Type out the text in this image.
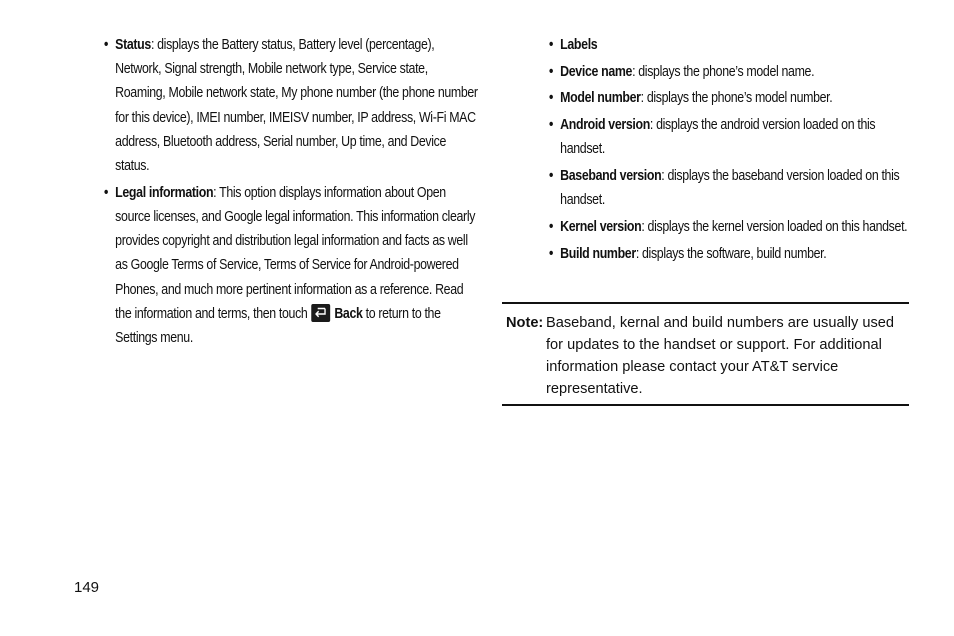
• Status: displays the Battery status, Battery level (percentage), Network, Signal strength, Mobile network type, Service state, Roaming, Mobile network state, My phone number (the phone number for this device), IMEI number, IMEISV number, IP address, Wi-Fi MAC address, Bluetooth address, Serial number, Up time, and Device status.
• Legal information: This option displays information about Open source licenses, and Google legal information. This information clearly provides copyright and distribution legal information and facts as well as Google Terms of Service, Terms of Service for Android-powered Phones, and much more pertinent information as a reference. Read the information and terms, then touch Back to return to the Settings menu.
• Labels
• Device name: displays the phone’s model name.
• Model number: displays the phone’s model number.
• Android version: displays the android version loaded on this handset.
• Baseband version: displays the baseband version loaded on this handset.
• Kernel version: displays the kernel version loaded on this handset.
• Build number: displays the software, build number.
Note: Baseband, kernal and build numbers are usually used for updates to the handset or support. For additional information please contact your AT&T service representative.
149
